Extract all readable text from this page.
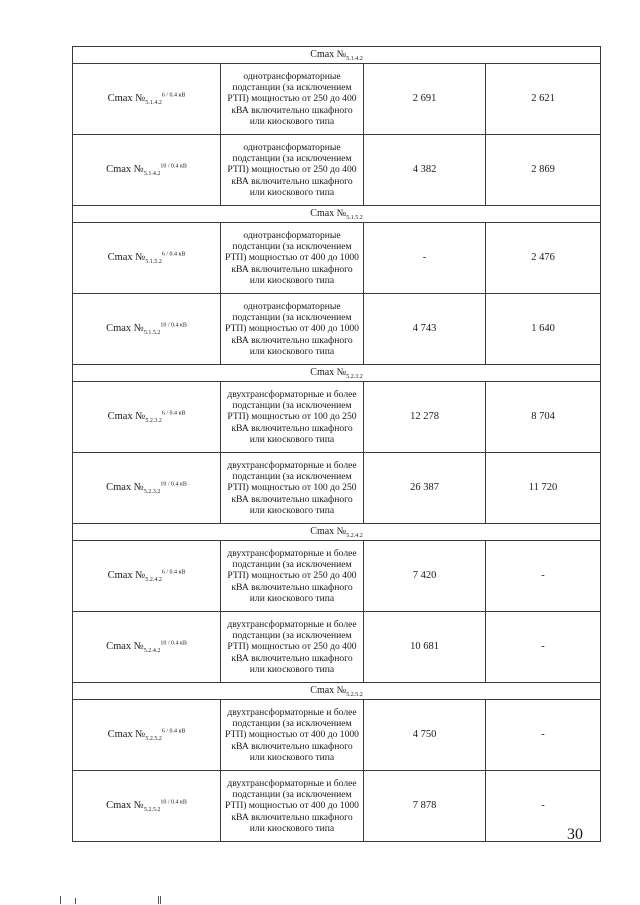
Cmax $№_{5.1.4.2}$
Cmax $№_{5.1.4.2}^{6 / 0.4 кВ}$	однотрансформаторные подстанции (за исключением РТП) мощностью от 250 до 400 кВА включительно шкафного или киоскового типа	2 691	2 621
Cmax $№_{5.1.4.2}^{10 / 0.4 кВ}$	однотрансформаторные подстанции (за исключением РТП) мощностью от 250 до 400 кВА включительно шкафного или киоскового типа	4 382	2 869
Cmax $№_{5.1.5.2}$
Cmax $№_{5.1.5.2}^{6 / 0.4 кВ}$	однотрансформаторные подстанции (за исключением РТП) мощностью от 400 до 1000 кВА включительно шкафного или киоскового типа	-	2 476
Cmax $№_{5.1.5.2}^{10 / 0.4 кВ}$	однотрансформаторные подстанции (за исключением РТП) мощностью от 400 до 1000 кВА включительно шкафного или киоскового типа	4 743	1 640
Cmax $№_{5.2.3.2}$
Cmax $№_{5.2.3.2}^{6 / 0.4 кВ}$	двухтрансформаторные и более подстанции (за исключением РТП) мощностью от 100 до 250 кВА включительно шкафного или киоскового типа	12 278	8 704
Cmax $№_{5.2.3.2}^{10 / 0.4 кВ}$	двухтрансформаторные и более подстанции (за исключением РТП) мощностью от 100 до 250 кВА включительно шкафного или киоскового типа	26 387	11 720
Cmax $№_{5.2.4.2}$
Cmax $№_{5.2.4.2}^{6 / 0.4 кВ}$	двухтрансформаторные и более подстанции (за исключением РТП) мощностью от 250 до 400 кВА включительно шкафного или киоскового типа	7 420	-
Cmax $№_{5.2.4.2}^{10 / 0.4 кВ}$	двухтрансформаторные и более подстанции (за исключением РТП) мощностью от 250 до 400 кВА включительно шкафного или киоскового типа	10 681	-
Cmax $№_{5.2.5.2}$
Cmax $№_{5.2.5.2}^{6 / 0.4 кВ}$	двухтрансформаторные и более подстанции (за исключением РТП) мощностью от 400 до 1000 кВА включительно шкафного или киоскового типа	4 750	-
Cmax $№_{5.2.5.2}^{10 / 0.4 кВ}$	двухтрансформаторные и более подстанции (за исключением РТП) мощностью от 400 до 1000 кВА включительно шкафного или киоскового типа	7 878	-
30
